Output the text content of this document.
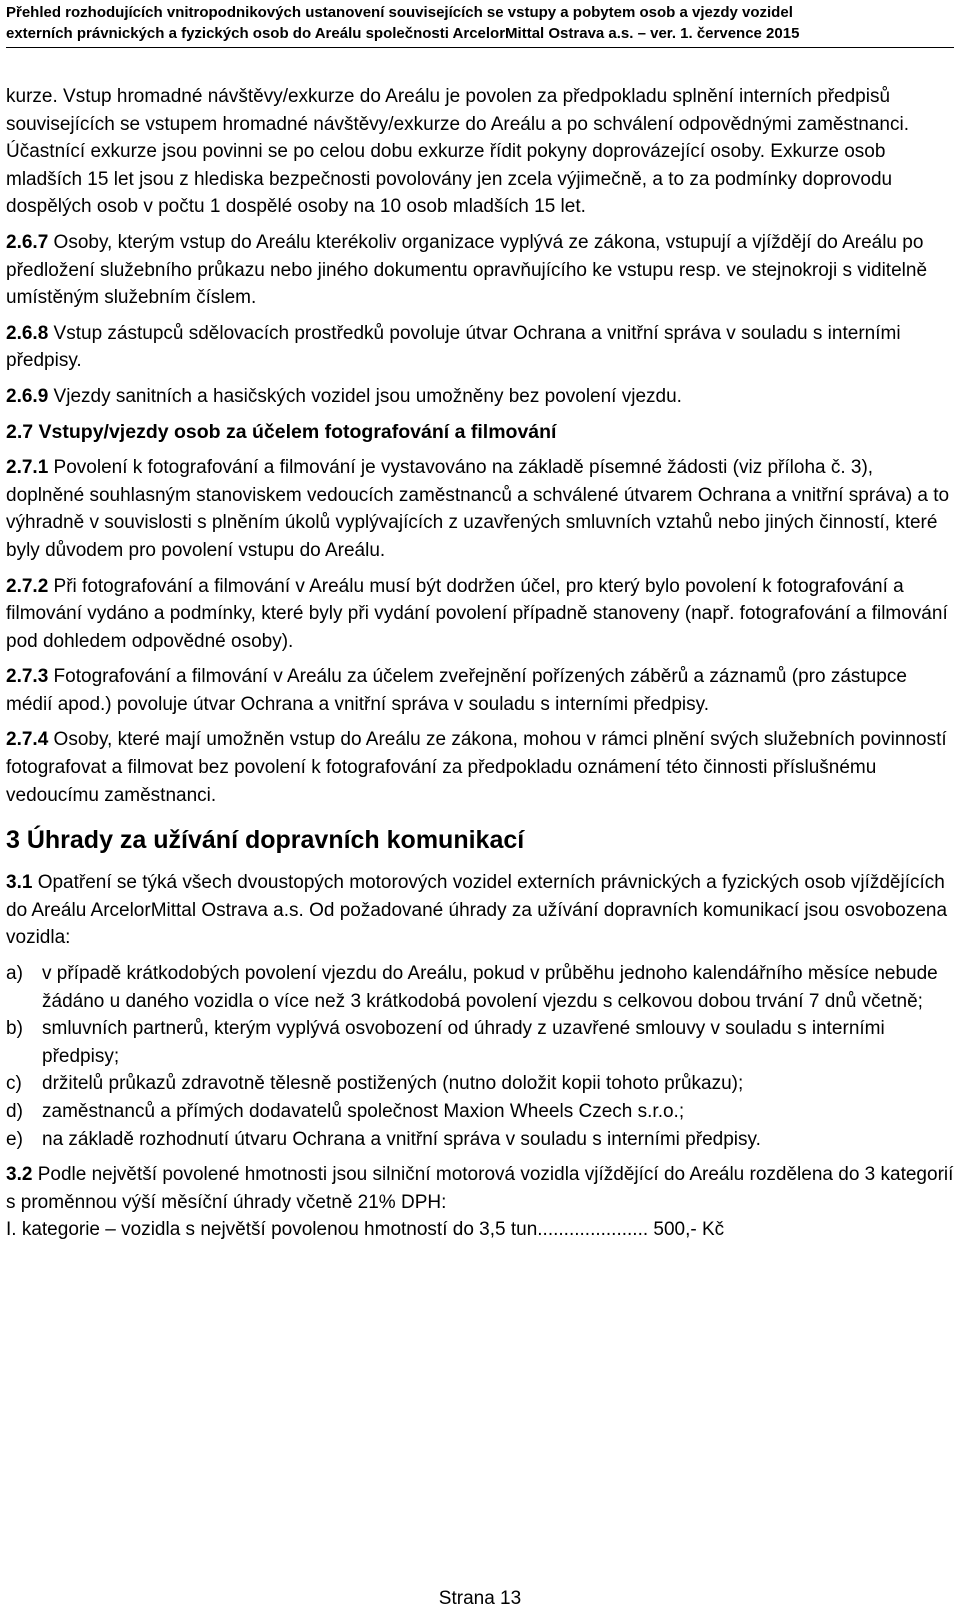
Přehled rozhodujících vnitropodnikových ustanovení souvisejících se vstupy a pobytem osob a vjezdy vozidel
externích právnických a fyzických osob do Areálu společnosti ArcelorMittal Ostrava a.s. – ver. 1. července 2015

kurze. Vstup hromadné návštěvy/exkurze do Areálu je povolen za předpokladu splnění interních předpisů souvisejících se vstupem hromadné návštěvy/exkurze do Areálu a po schválení odpovědnými zaměstnanci. Účastnící exkurze jsou povinni se po celou dobu exkurze řídit pokyny doprovázející osoby. Exkurze osob mladších 15 let jsou z hlediska bezpečnosti povolovány jen zcela výjimečně, a to za podmínky doprovodu dospělých osob v počtu 1 dospělé osoby na 10 osob mladších 15 let.

2.6.7 Osoby, kterým vstup do Areálu kterékoliv organizace vyplývá ze zákona, vstupují a vjíždějí do Areálu po předložení služebního průkazu nebo jiného dokumentu opravňujícího ke vstupu resp. ve stejnokroji s viditelně umístěným služebním číslem.

2.6.8 Vstup zástupců sdělovacích prostředků povoluje útvar Ochrana a vnitřní správa v souladu s interními předpisy.

2.6.9 Vjezdy sanitních a hasičských vozidel jsou umožněny bez povolení vjezdu.

2.7 Vstupy/vjezdy osob za účelem fotografování a filmování

2.7.1 Povolení k fotografování a filmování je vystavováno na základě písemné žádosti (viz příloha č. 3), doplněné souhlasným stanoviskem vedoucích zaměstnanců a schválené útvarem Ochrana a vnitřní správa) a to výhradně v souvislosti s plněním úkolů vyplývajících z uzavřených smluvních vztahů nebo jiných činností, které byly důvodem pro povolení vstupu do Areálu.

2.7.2 Při fotografování a filmování v Areálu musí být dodržen účel, pro který bylo povolení k fotografování a filmování vydáno a podmínky, které byly při vydání povolení případně stanoveny (např. fotografování a filmování pod dohledem odpovědné osoby).

2.7.3 Fotografování a filmování v Areálu za účelem zveřejnění pořízených záběrů a záznamů (pro zástupce médií apod.) povoluje útvar Ochrana a vnitřní správa v souladu s interními předpisy.

2.7.4 Osoby, které mají umožněn vstup do Areálu ze zákona, mohou v rámci plnění svých služebních povinností fotografovat a filmovat bez povolení k fotografování za předpokladu oznámení této činnosti příslušnému vedoucímu zaměstnanci.

3 Úhrady za užívání dopravních komunikací

3.1 Opatření se týká všech dvoustopých motorových vozidel externích právnických a fyzických osob vjíždějících do Areálu ArcelorMittal Ostrava a.s. Od požadované úhrady za užívání dopravních komunikací jsou osvobozena vozidla:

a) v případě krátkodobých povolení vjezdu do Areálu, pokud v průběhu jednoho kalendářního měsíce nebude žádáno u daného vozidla o více než 3 krátkodobá povolení vjezdu s celkovou dobou trvání 7 dnů včetně;
b) smluvních partnerů, kterým vyplývá osvobození od úhrady z uzavřené smlouvy v souladu s interními předpisy;
c) držitelů průkazů zdravotně tělesně postižených (nutno doložit kopii tohoto průkazu);
d) zaměstnanců a přímých dodavatelů společnost Maxion Wheels Czech s.r.o.;
e) na základě rozhodnutí útvaru Ochrana a vnitřní správa v souladu s interními předpisy.

3.2 Podle největší povolené hmotnosti jsou silniční motorová vozidla vjíždějící do Areálu rozdělena do 3 kategorií s proměnnou výší měsíční úhrady včetně 21% DPH:

I. kategorie – vozidla s největší povolenou hmotností do 3,5 tun..................... 500,- Kč
Strana 13
